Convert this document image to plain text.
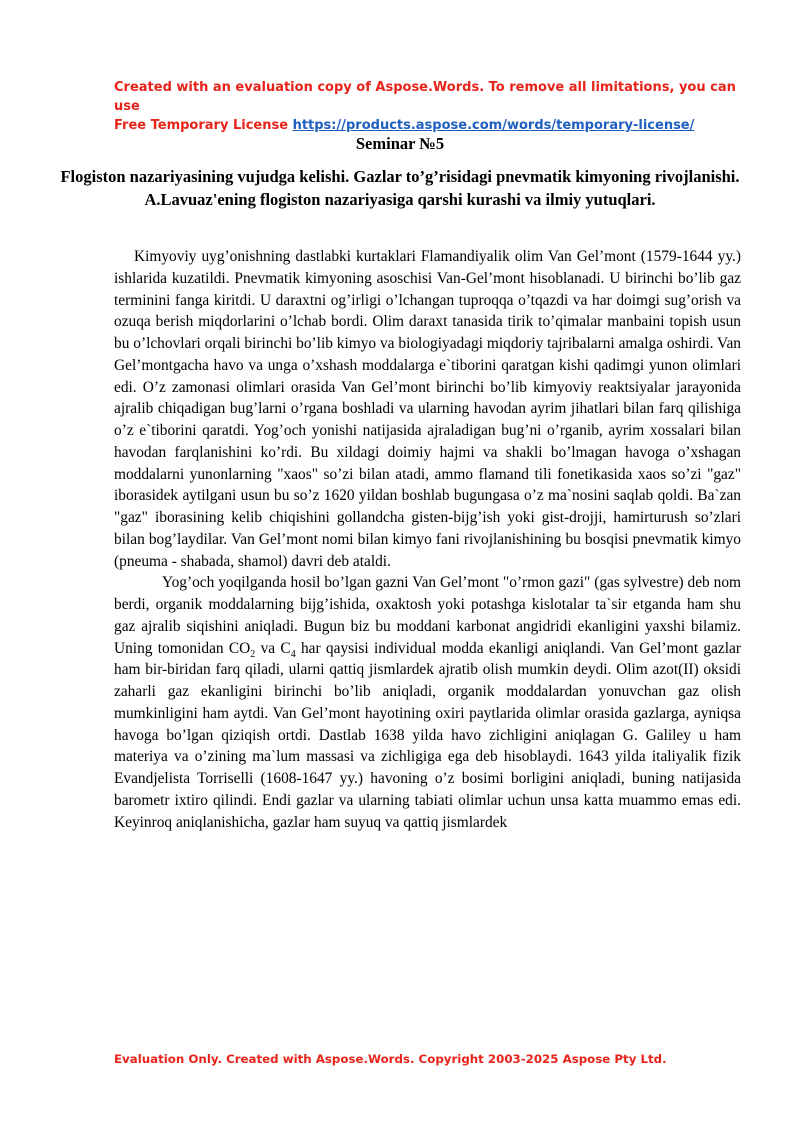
Created with an evaluation copy of Aspose.Words. To remove all limitations, you can use
Free Temporary License https://products.aspose.com/words/temporary-license/
Seminar №5
Flogiston nazariyasining vujudga kelishi. Gazlar to’g’risidagi pnevmatik kimyoning rivojlanishi. A.Lavuaz'ening flogiston nazariyasiga qarshi kurashi va ilmiy yutuqlari.

Kimyoviy uyg’onishning dastlabki kurtaklari Flamandiyalik olim Van Gel’mont (1579-1644 yy.) ishlarida kuzatildi. Pnevmatik kimyoning asoschisi Van-Gel’mont hisoblanadi. U birinchi bo’lib gaz terminini fanga kiritdi. U daraxtni og’irligi o’lchangan tuproqqa o’tqazdi va har doimgi sug’orish va ozuqa berish miqdorlarini o’lchab bordi. Olim daraxt tanasida tirik to’qimalar manbaini topish usun bu o’lchovlari orqali birinchi bo’lib kimyo va biologiyadagi miqdoriy tajribalarni amalga oshirdi. Van Gel’montgacha havo va unga o’xshash moddalarga e`tiborini qaratgan kishi qadimgi yunon olimlari edi. O’z zamonasi olimlari orasida Van Gel’mont birinchi bo’lib kimyoviy reaktsiyalar jarayonida ajralib chiqadigan bug’larni o’rgana boshladi va ularning havodan ayrim jihatlari bilan farq qilishiga o’z e`tiborini qaratdi. Yog’och yonishi natijasida ajraladigan bug’ni o’rganib, ayrim xossalari bilan havodan farqlanishini ko’rdi. Bu xildagi doimiy hajmi va shakli bo’lmagan havoga o’xshagan moddalarni yunonlarning "xaos" so’zi bilan atadi, ammo flamand tili fonetikasida xaos so’zi "gaz" iborasidek aytilgani usun bu so’z 1620 yildan boshlab bugungasa o’z ma`nosini saqlab qoldi. Ba`zan "gaz" iborasining kelib chiqishini gollandcha gisten-bijg’ish yoki gist-drojji, hamirturush so’zlari bilan bog’laydilar. Van Gel’mont nomi bilan kimyo fani rivojlanishining bu bosqisi pnevmatik kimyo (pneuma - shabada, shamol) davri deb ataldi.

Yog’och yoqilganda hosil bo’lgan gazni Van Gel’mont "o’rmon gazi" (gas sylvestre) deb nom berdi, organik moddalarning bijg’ishida, oxaktosh yoki potashga kislotalar ta`sir etganda ham shu gaz ajralib siqishini aniqladi. Bugun biz bu moddani karbonat angidridi ekanligini yaxshi bilamiz. Uning tomonidan $CO_2$ va $C_4$ har qaysisi individual modda ekanligi aniqlandi. Van Gel’mont gazlar ham bir-biridan farq qiladi, ularni qattiq jismlardek ajratib olish mumkin deydi. Olim azot(II) oksidi zaharli gaz ekanligini birinchi bo’lib aniqladi, organik moddalardan yonuvchan gaz olish mumkinligini ham aytdi. Van Gel’mont hayotining oxiri paytlarida olimlar orasida gazlarga, ayniqsa havoga bo’lgan qiziqish ortdi. Dastlab 1638 yilda havo zichligini aniqlagan G. Galiley u ham materiya va o’zining ma`lum massasi va zichligiga ega deb hisoblaydi. 1643 yilda italiyalik fizik Evandjelista Torriselli (1608-1647 yy.) havoning o’z bosimi borligini aniqladi, buning natijasida barometr ixtiro qilindi. Endi gazlar va ularning tabiati olimlar uchun unsa katta muammo emas edi. Keyinroq aniqlanishicha, gazlar ham suyuq va qattiq jismlardek

Evaluation Only. Created with Aspose.Words. Copyright 2003-2025 Aspose Pty Ltd.
